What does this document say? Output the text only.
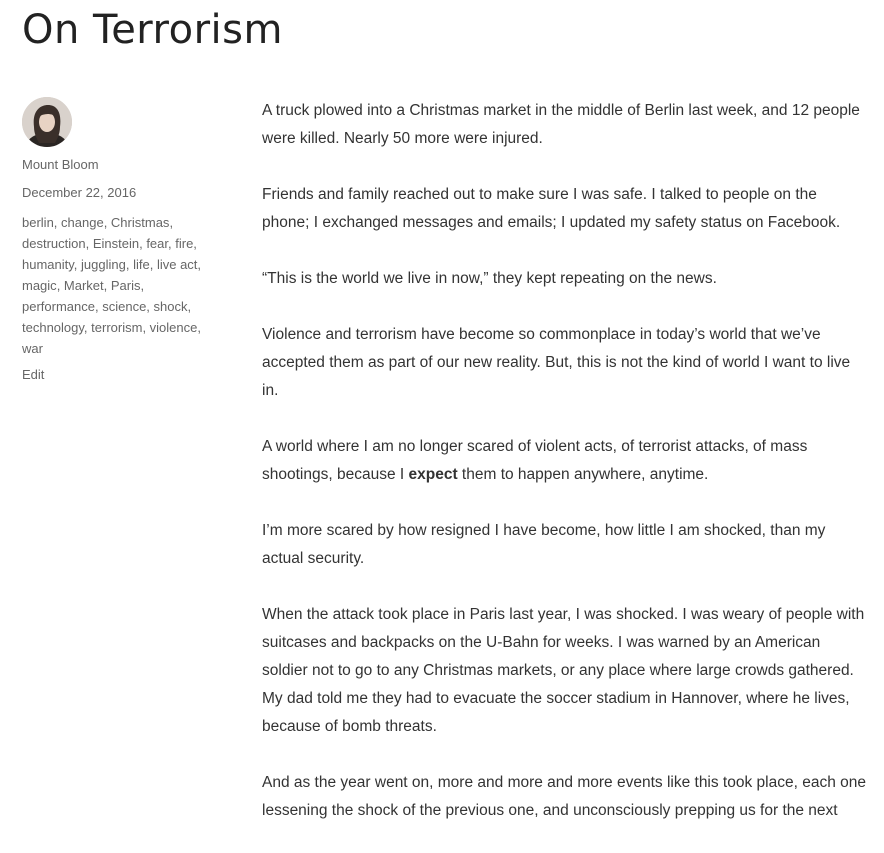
On Terrorism
Mount Bloom
December 22, 2016
berlin, change, Christmas, destruction, Einstein, fear, fire, humanity, juggling, life, live act, magic, Market, Paris, performance, science, shock, technology, terrorism, violence, war
Edit

A truck plowed into a Christmas market in the middle of Berlin last week, and 12 people were killed. Nearly 50 more were injured.

Friends and family reached out to make sure I was safe. I talked to people on the phone; I exchanged messages and emails; I updated my safety status on Facebook.

“This is the world we live in now,” they kept repeating on the news.

Violence and terrorism have become so commonplace in today’s world that we’ve accepted them as part of our new reality. But, this is not the kind of world I want to live in.

A world where I am no longer scared of violent acts, of terrorist attacks, of mass shootings, because I expect them to happen anywhere, anytime.

I’m more scared by how resigned I have become, how little I am shocked, than my actual security.

When the attack took place in Paris last year, I was shocked. I was weary of people with suitcases and backpacks on the U-Bahn for weeks. I was warned by an American soldier not to go to any Christmas markets, or any place where large crowds gathered. My dad told me they had to evacuate the soccer stadium in Hannover, where he lives, because of bomb threats.

And as the year went on, more and more and more events like this took place, each one lessening the shock of the previous one, and unconsciously prepping us for the next
